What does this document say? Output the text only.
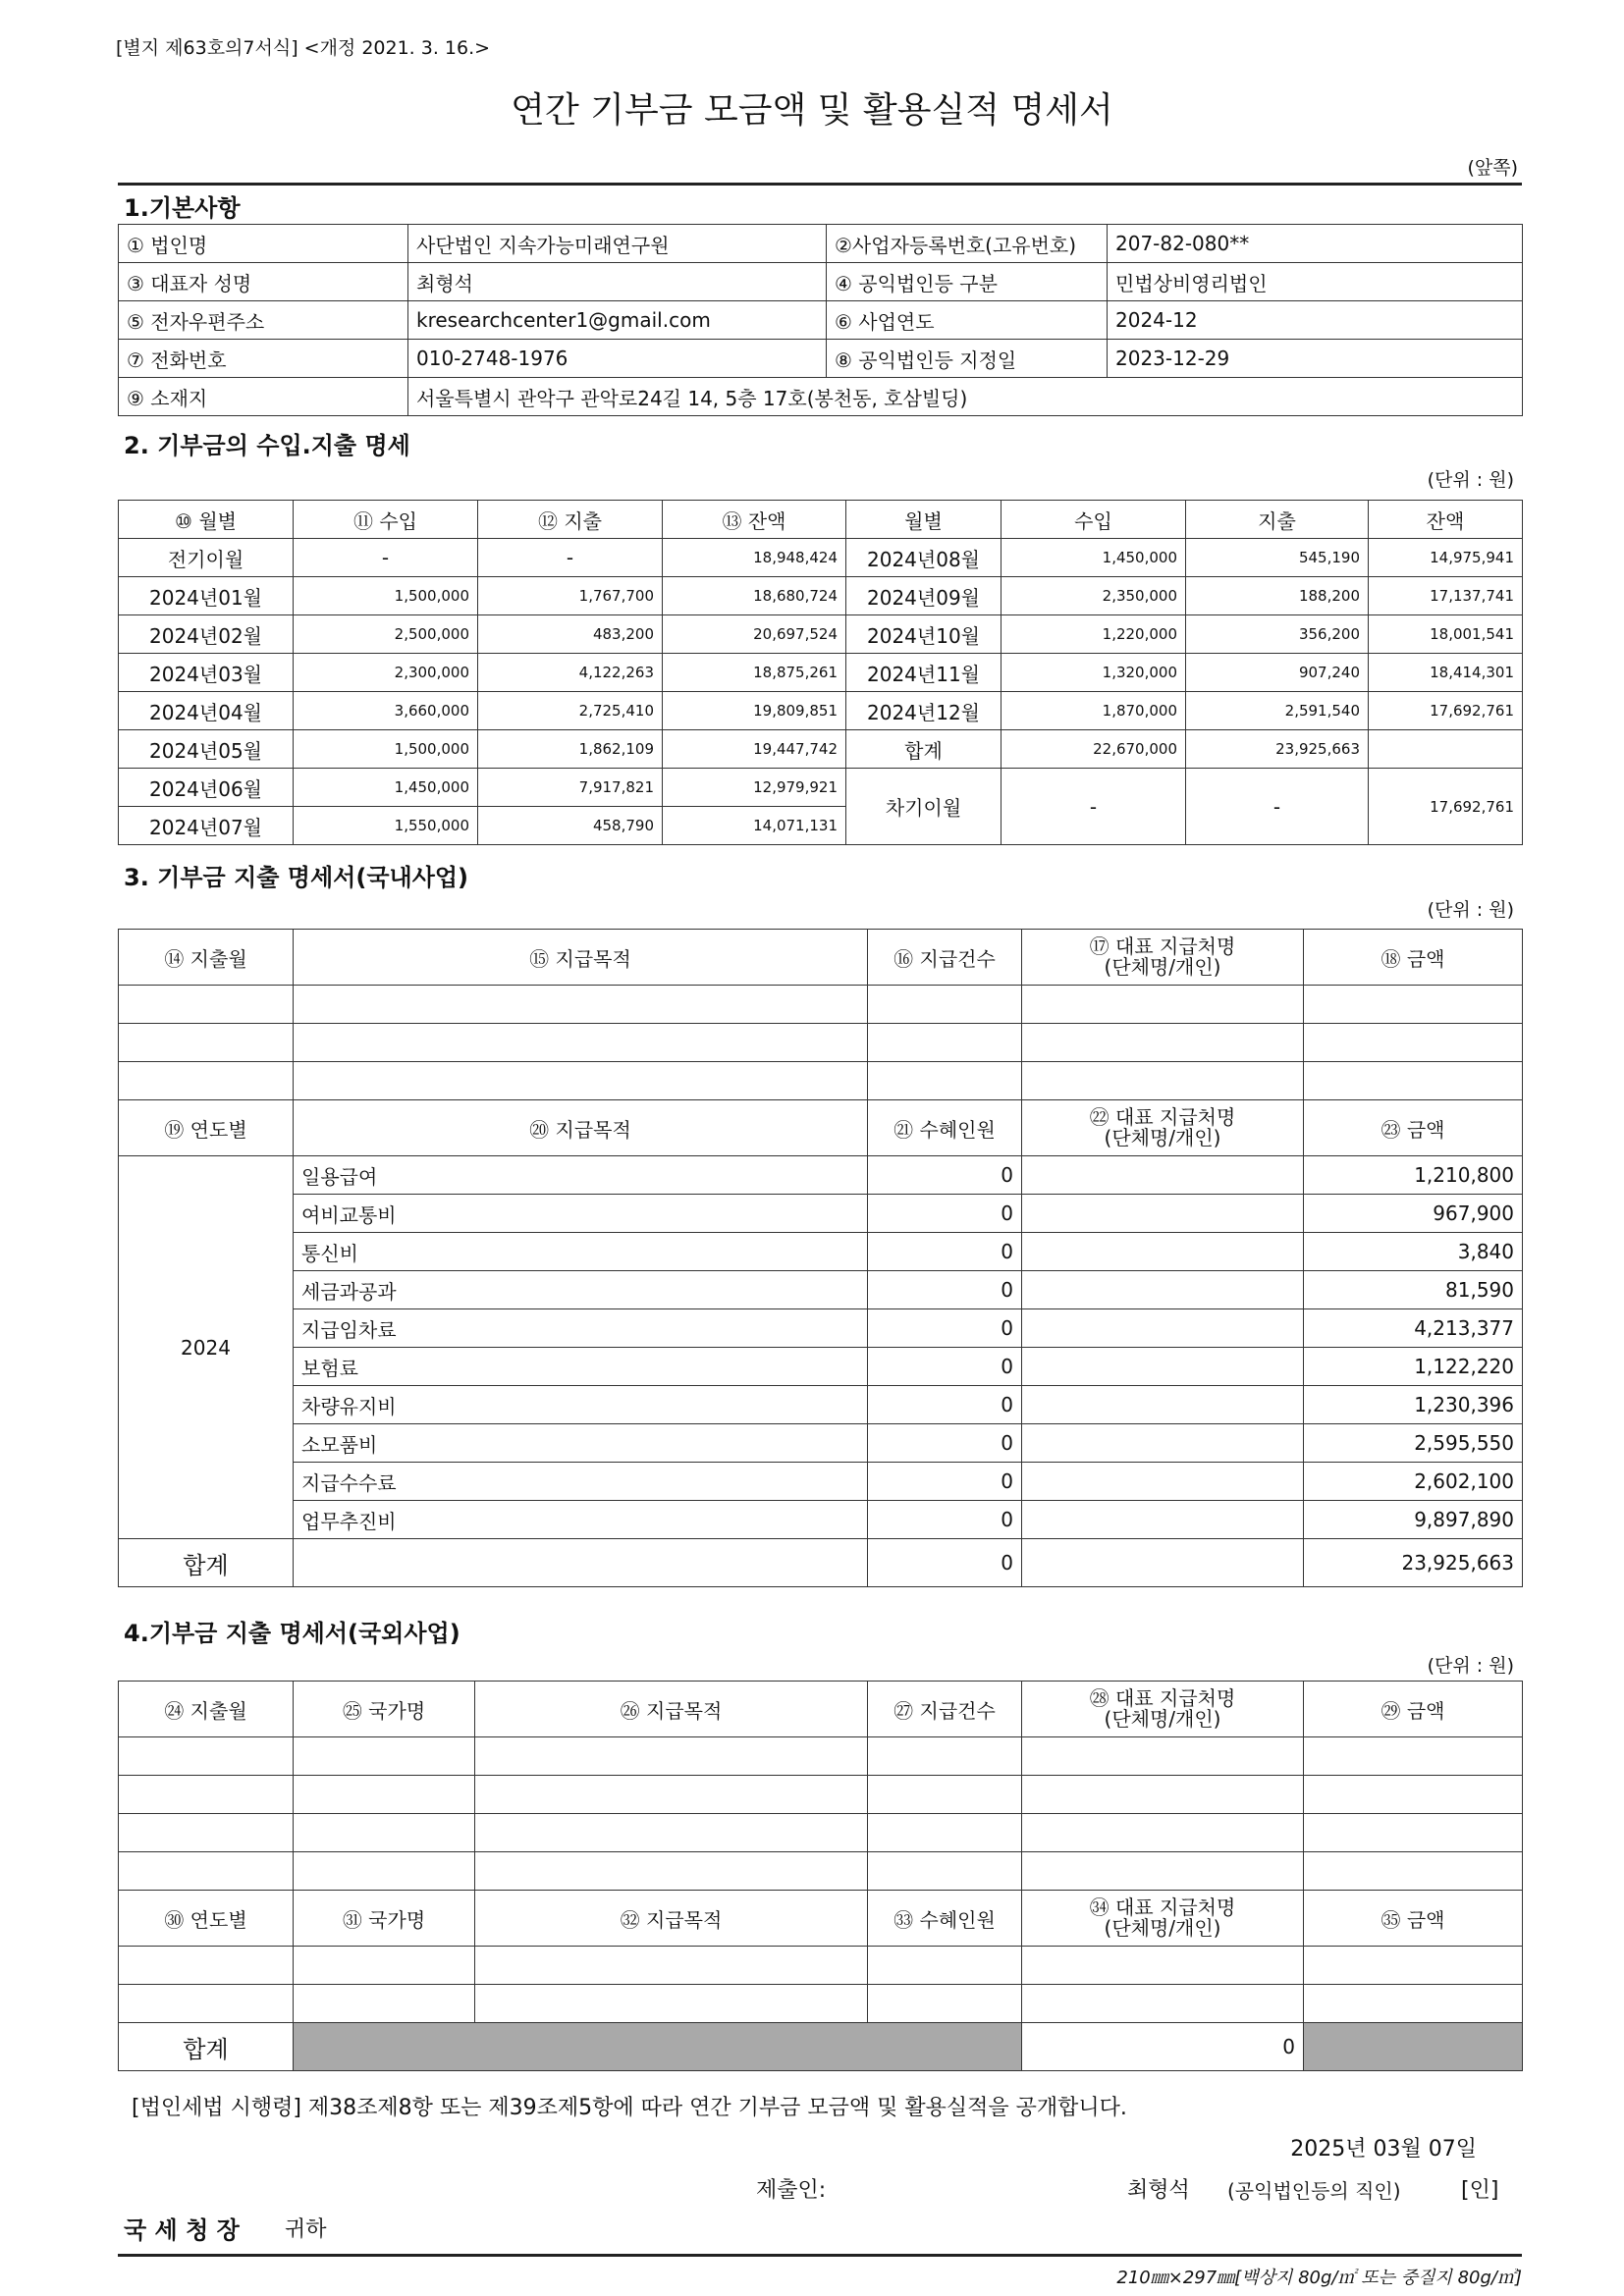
[별지 제63호의7서식] <개정 2021. 3. 16.>
연간 기부금 모금액 및 활용실적 명세서
(앞쪽)
1.기본사항
① 법인명	사단법인 지속가능미래연구원	②사업자등록번호(고유번호)	207-82-080**
③ 대표자 성명	최형석	④ 공익법인등 구분	민법상비영리법인
⑤ 전자우편주소	kresearchcenter1@gmail.com	⑥ 사업연도	2024-12
⑦ 전화번호	010-2748-1976	⑧ 공익법인등 지정일	2023-12-29
⑨ 소재지	서울특별시 관악구 관악로24길 14, 5층 17호(봉천동, 호삼빌딩)		
2. 기부금의 수입.지출 명세
(단위 : 원)
⑩ 월별	⑪ 수입	⑫ 지출	⑬ 잔액	월별	수입	지출	잔액
전기이월	-	-	18,948,424	2024년08월	1,450,000	545,190	14,975,941
2024년01월	1,500,000	1,767,700	18,680,724	2024년09월	2,350,000	188,200	17,137,741
2024년02월	2,500,000	483,200	20,697,524	2024년10월	1,220,000	356,200	18,001,541
2024년03월	2,300,000	4,122,263	18,875,261	2024년11월	1,320,000	907,240	18,414,301
2024년04월	3,660,000	2,725,410	19,809,851	2024년12월	1,870,000	2,591,540	17,692,761
2024년05월	1,500,000	1,862,109	19,447,742	합계	22,670,000	23,925,663	
2024년06월	1,450,000	7,917,821	12,979,921	차기이월	-	-	17,692,761
2024년07월	1,550,000	458,790	14,071,131				
3. 기부금 지출 명세서(국내사업)
(단위 : 원)
⑭ 지출월	⑮ 지급목적	⑯ 지급건수	⑰ 대표 지급처명
(단체명/개인)	⑱ 금액

⑲ 연도별	⑳ 지급목적	㉑ 수혜인원	㉒ 대표 지급처명
(단체명/개인)	㉓ 금액
2024	일용급여	0		1,210,800
	여비교통비	0		967,900
	통신비	0		3,840
	세금과공과	0		81,590
	지급임차료	0		4,213,377
	보험료	0		1,122,220
	차량유지비	0		1,230,396
	소모품비	0		2,595,550
	지급수수료	0		2,602,100
	업무추진비	0		9,897,890
합계		0		23,925,663
4.기부금 지출 명세서(국외사업)
(단위 : 원)
㉔ 지출월	㉕ 국가명	㉖ 지급목적	㉗ 지급건수	㉘ 대표 지급처명
(단체명/개인)	㉙ 금액	

㉚ 연도별	㉛ 국가명	㉜ 지급목적	㉝ 수혜인원	㉞ 대표 지급처명
(단체명/개인)	㉟ 금액	

합계				0		
[법인세법 시행령] 제38조제8항 또는 제39조제5항에 따라 연간 기부금 모금액 및 활용실적을 공개합니다.
2025년 03월 07일
제출인:	최형석 (공익법인등의 직인)	[인]
국 세 청 장 귀하
210㎜×297㎜[백상지 80g/㎡ 또는 중질지 80g/㎡]
